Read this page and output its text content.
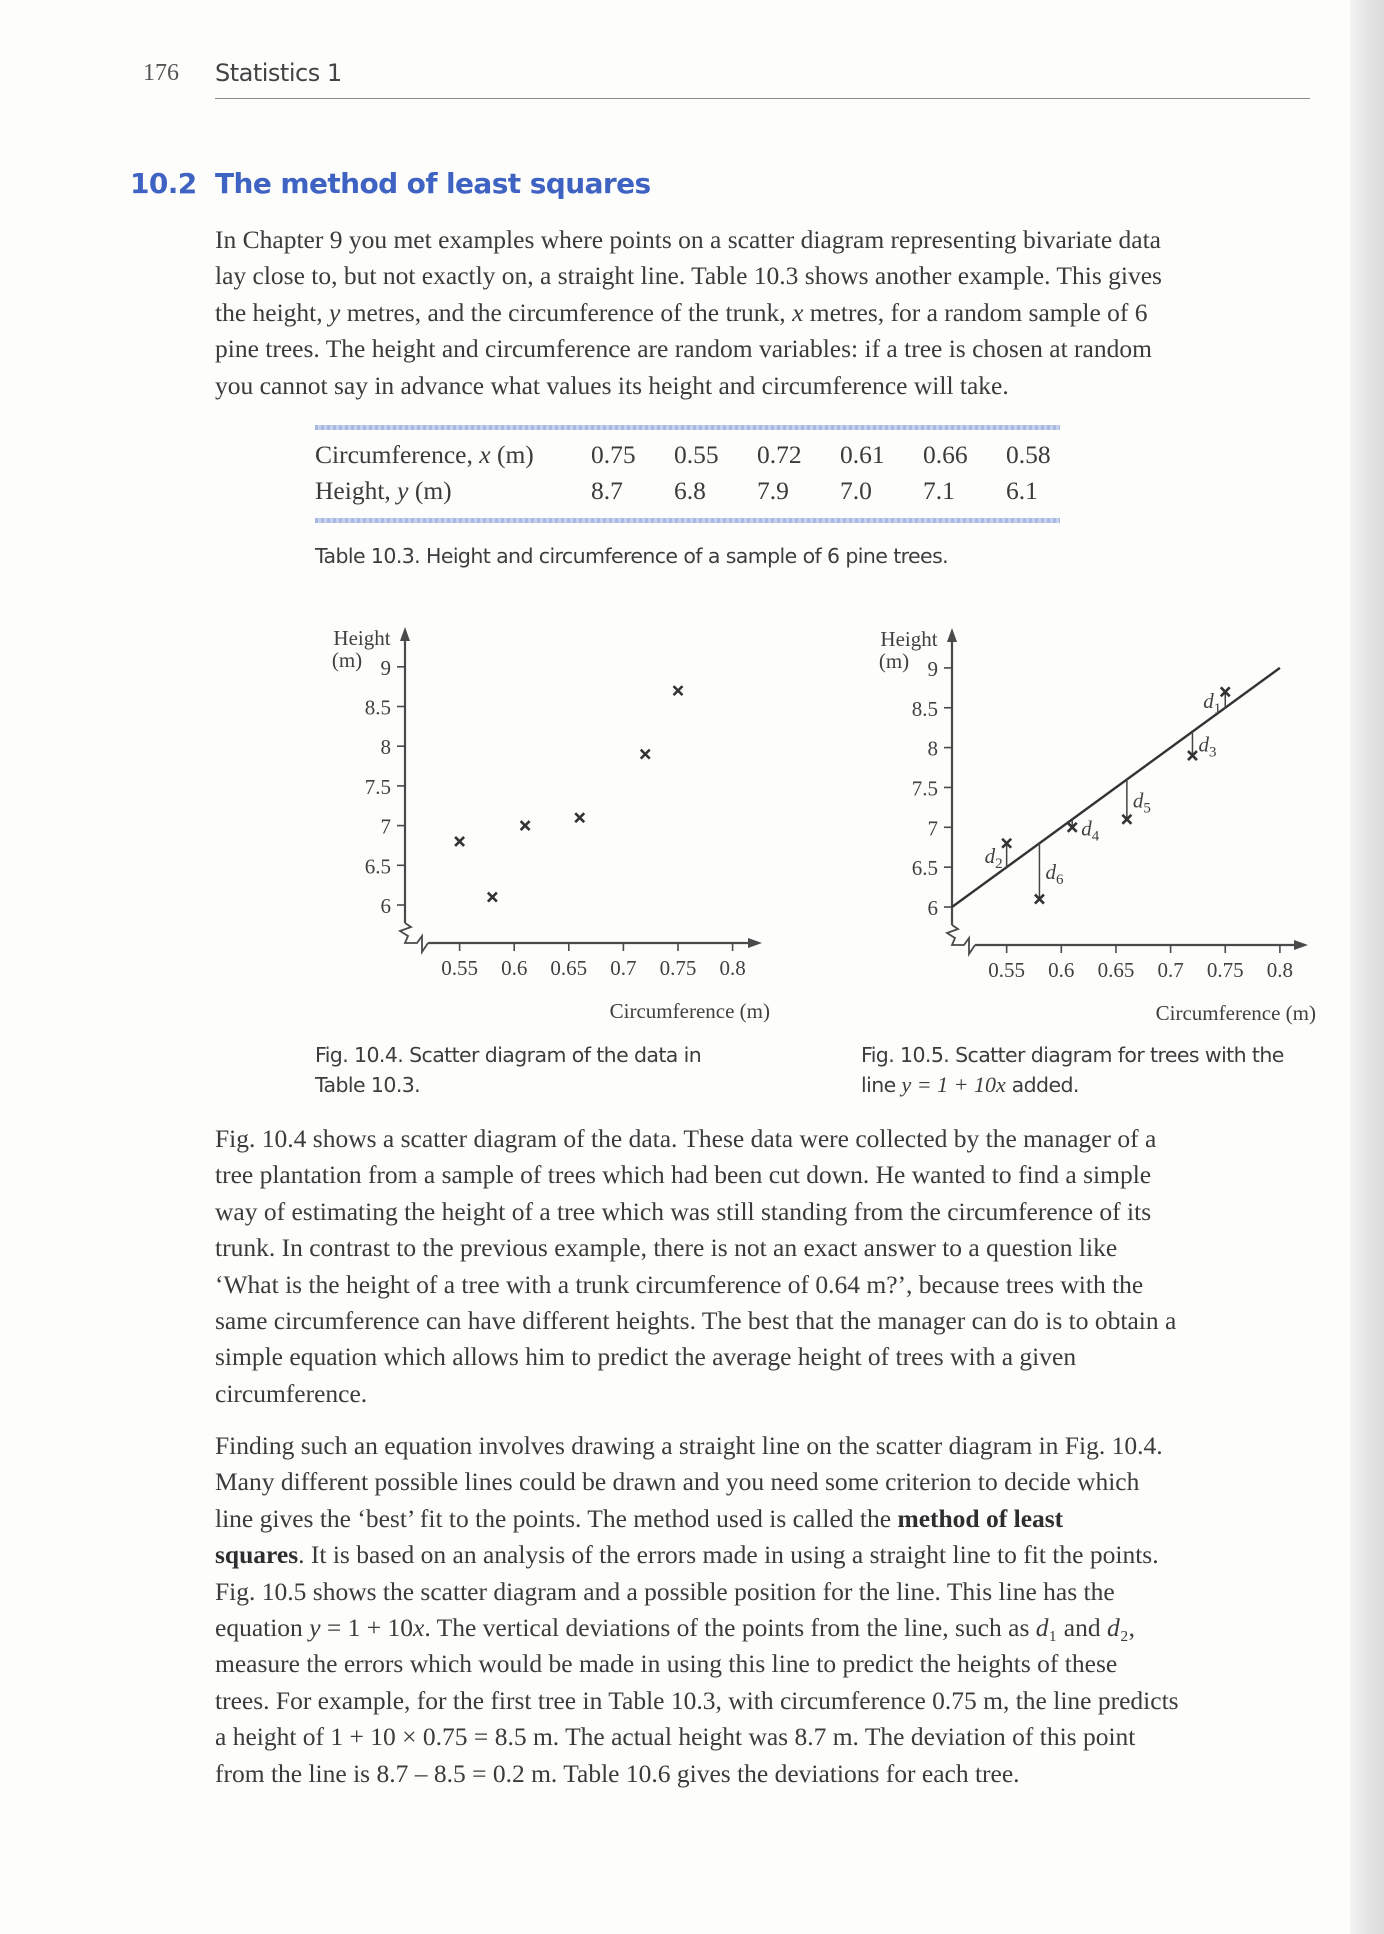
176 Statistics 1
10.2 The method of least squares
In Chapter 9 you met examples where points on a scatter diagram representing bivariate data
lay close to, but not exactly on, a straight line. Table 10.3 shows another example. This gives
the height, y metres, and the circumference of the trunk, x metres, for a random sample of 6
pine trees. The height and circumference are random variables: if a tree is chosen at random
you cannot say in advance what values its height and circumference will take.
Circumference, x (m)	0.75	0.55	0.72	0.61	0.66	0.58
Height, y (m)	8.7	6.8	7.9	7.0	7.1	6.1
Table 10.3. Height and circumference of a sample of 6 pine trees.
6
6.5
7
7.5
8
8.5
9
0.55 0.6 0.65 0.7 0.75 0.8
Height
(m)
Circumference (m)
6
6.5
7
7.5
8
8.5
9
0.55 0.6 0.65 0.7 0.75 0.8
Height
(m)
Circumference (m)
$d_1$
$d_2$
$d_3$
$d_4$
$d_5$
$d_6$
Fig. 10.4. Scatter diagram of the data in
Table 10.3.
Fig. 10.5. Scatter diagram for trees with the
line y = 1 + 10x added.
Fig. 10.4 shows a scatter diagram of the data. These data were collected by the manager of a
tree plantation from a sample of trees which had been cut down. He wanted to find a simple
way of estimating the height of a tree which was still standing from the circumference of its
trunk. In contrast to the previous example, there is not an exact answer to a question like
‘What is the height of a tree with a trunk circumference of 0.64 m?’, because trees with the
same circumference can have different heights. The best that the manager can do is to obtain a
simple equation which allows him to predict the average height of trees with a given
circumference.
Finding such an equation involves drawing a straight line on the scatter diagram in Fig. 10.4.
Many different possible lines could be drawn and you need some criterion to decide which
line gives the ‘best’ fit to the points. The method used is called the method of least
squares. It is based on an analysis of the errors made in using a straight line to fit the points.
Fig. 10.5 shows the scatter diagram and a possible position for the line. This line has the
equation y = 1 + 10x. The vertical deviations of the points from the line, such as d₁ and d₂,
measure the errors which would be made in using this line to predict the heights of these
trees. For example, for the first tree in Table 10.3, with circumference 0.75 m, the line predicts
a height of 1 + 10 × 0.75 = 8.5 m. The actual height was 8.7 m. The deviation of this point
from the line is 8.7 – 8.5 = 0.2 m. Table 10.6 gives the deviations for each tree.
